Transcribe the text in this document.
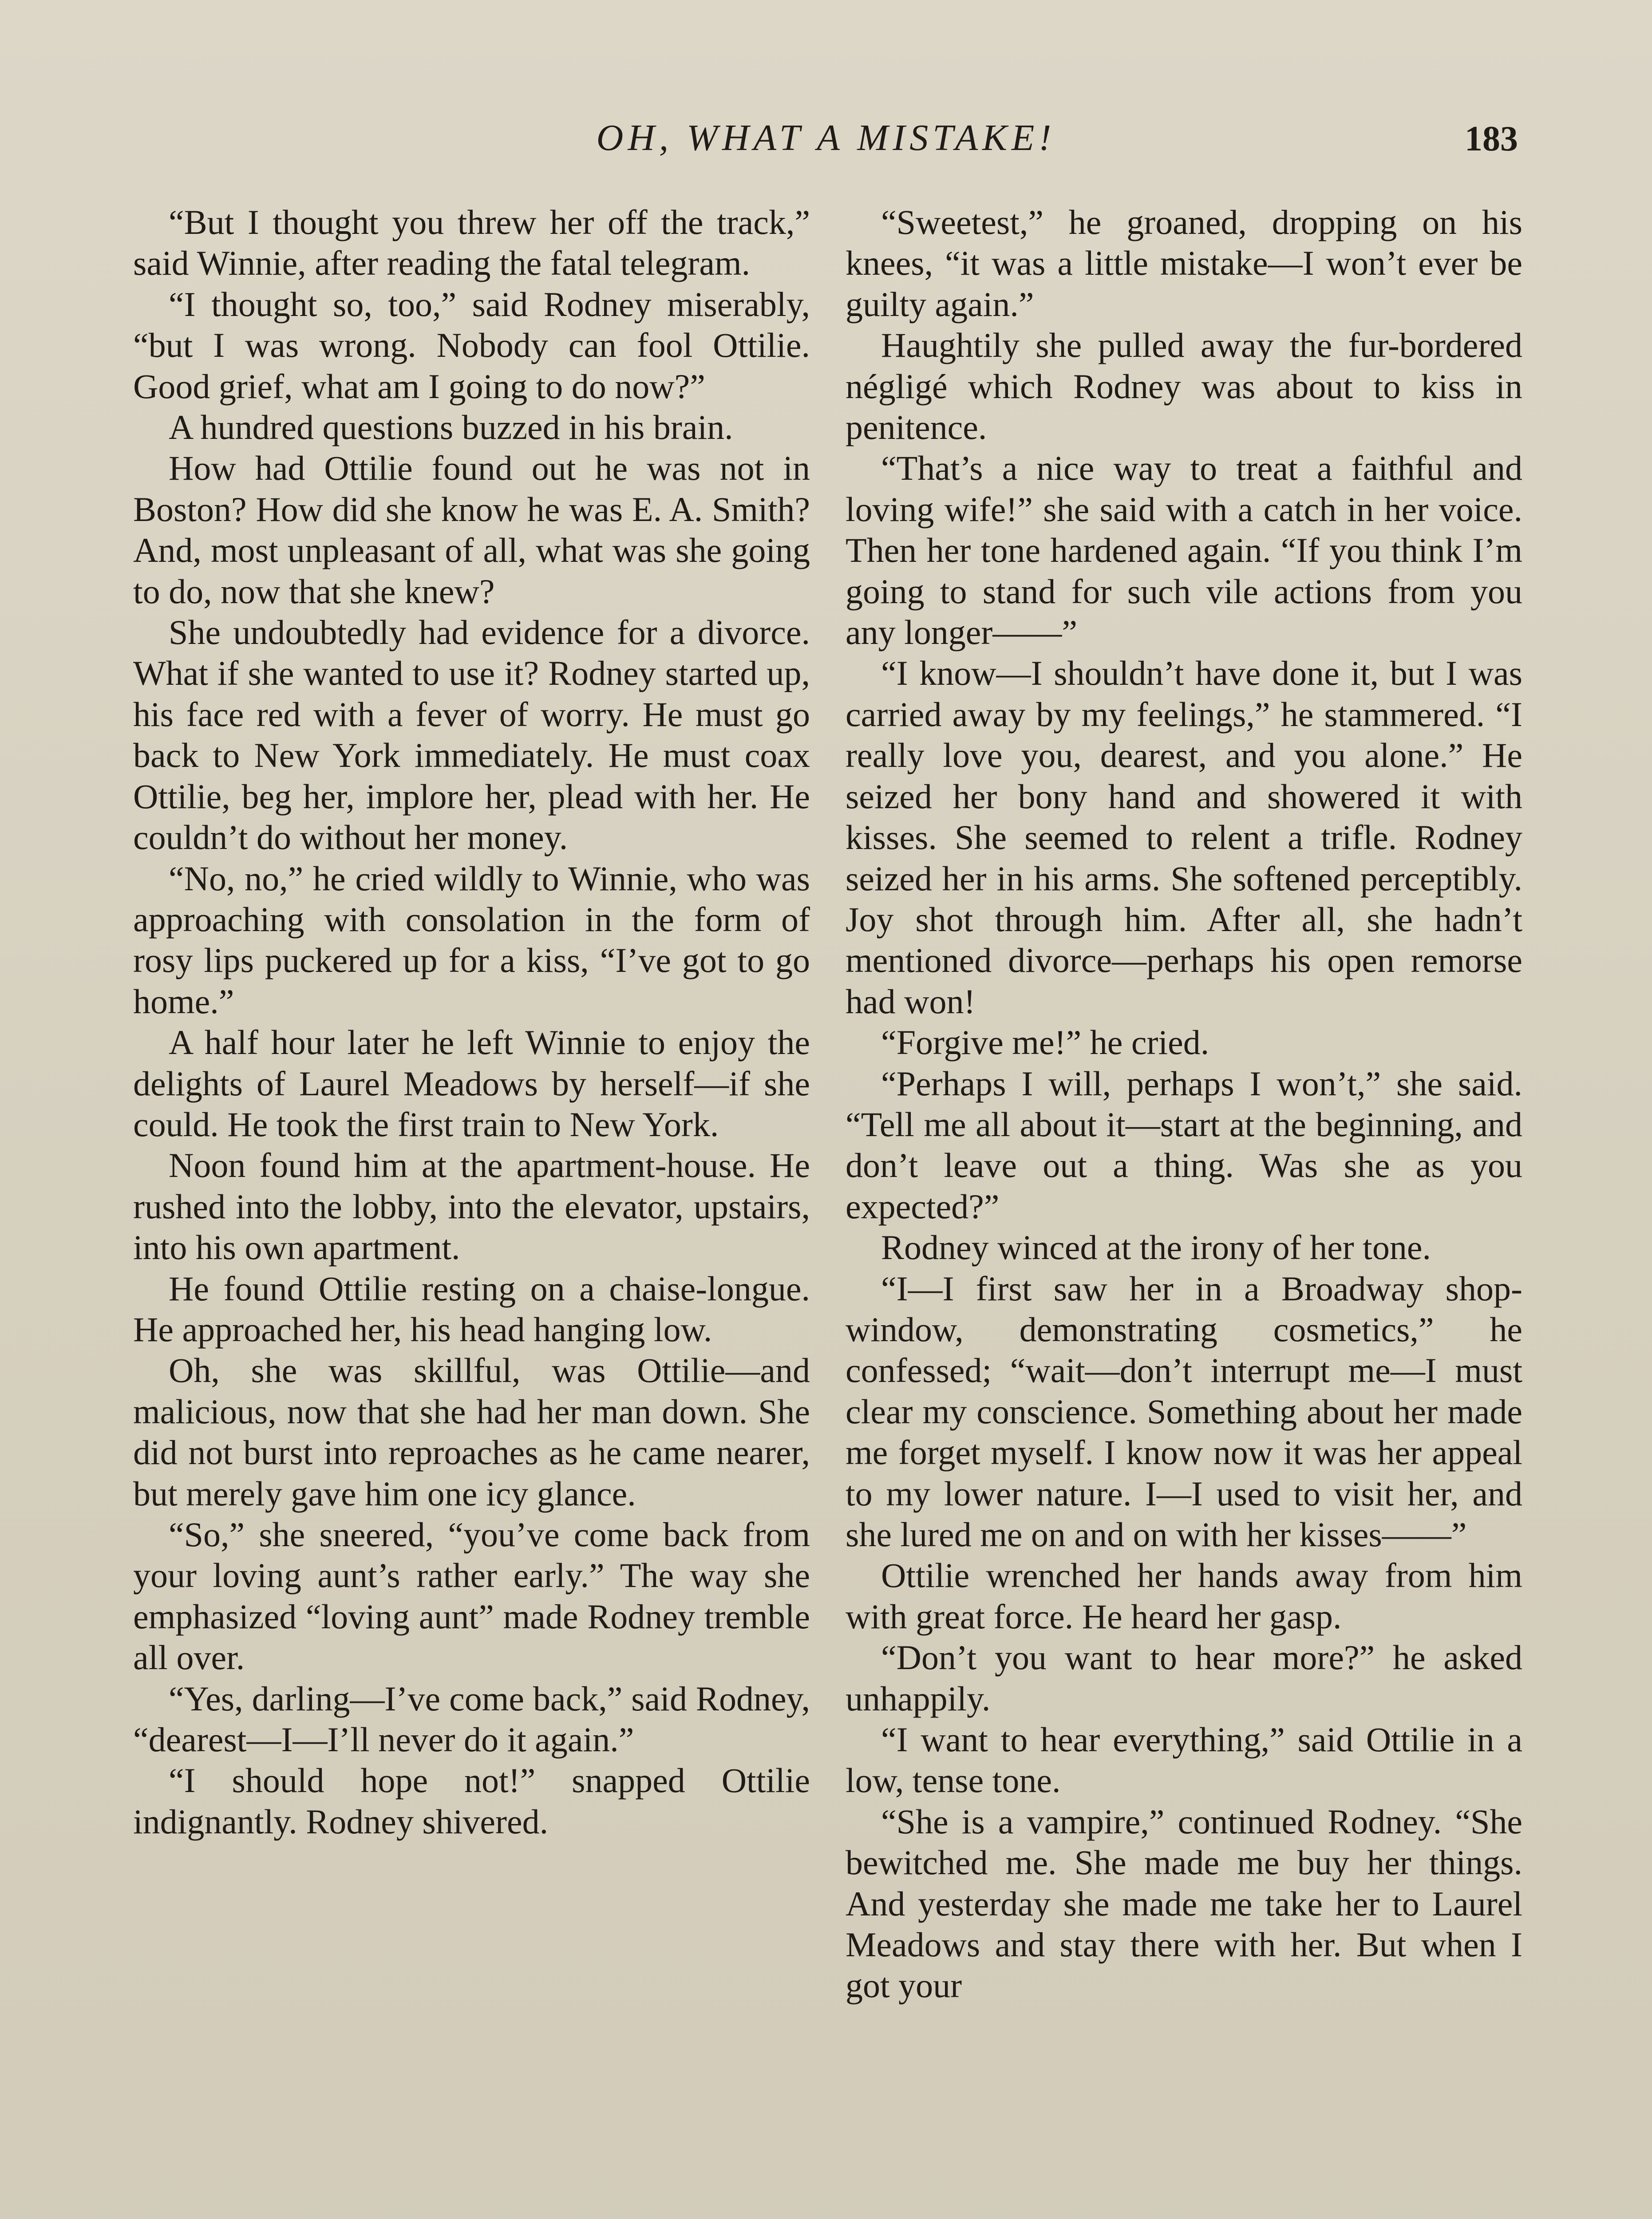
OH, WHAT A MISTAKE!	183

“But I thought you threw her off the track,” said Winnie, after reading the fatal telegram.

“I thought so, too,” said Rodney miserably, “but I was wrong. Nobody can fool Ottilie. Good grief, what am I going to do now?”

A hundred questions buzzed in his brain.

How had Ottilie found out he was not in Boston? How did she know he was E. A. Smith? And, most unpleasant of all, what was she going to do, now that she knew?

She undoubtedly had evidence for a divorce. What if she wanted to use it? Rodney started up, his face red with a fever of worry. He must go back to New York immediately. He must coax Ottilie, beg her, implore her, plead with her. He couldn’t do without her money.

“No, no,” he cried wildly to Winnie, who was approaching with consolation in the form of rosy lips puckered up for a kiss, “I’ve got to go home.”

A half hour later he left Winnie to enjoy the delights of Laurel Meadows by herself—if she could. He took the first train to New York.

Noon found him at the apartment-house. He rushed into the lobby, into the elevator, upstairs, into his own apartment.

He found Ottilie resting on a chaise-longue. He approached her, his head hanging low.

Oh, she was skillful, was Ottilie—and malicious, now that she had her man down. She did not burst into reproaches as he came nearer, but merely gave him one icy glance.

“So,” she sneered, “you’ve come back from your loving aunt’s rather early.” The way she emphasized “loving aunt” made Rodney tremble all over.

“Yes, darling—I’ve come back,” said Rodney, “dearest—I—I’ll never do it again.”

“I should hope not!” snapped Ottilie indignantly. Rodney shivered.

“Sweetest,” he groaned, dropping on his knees, “it was a little mistake—I won’t ever be guilty again.”

Haughtily she pulled away the fur-bordered négligé which Rodney was about to kiss in penitence.

“That’s a nice way to treat a faithful and loving wife!” she said with a catch in her voice. Then her tone hardened again. “If you think I’m going to stand for such vile actions from you any longer——”

“I know—I shouldn’t have done it, but I was carried away by my feelings,” he stammered. “I really love you, dearest, and you alone.” He seized her bony hand and showered it with kisses. She seemed to relent a trifle. Rodney seized her in his arms. She softened perceptibly. Joy shot through him. After all, she hadn’t mentioned divorce—perhaps his open remorse had won!

“Forgive me!” he cried.

“Perhaps I will, perhaps I won’t,” she said. “Tell me all about it—start at the beginning, and don’t leave out a thing. Was she as you expected?”

Rodney winced at the irony of her tone.

“I—I first saw her in a Broadway shop-window, demonstrating cosmetics,” he confessed; “wait—don’t interrupt me—I must clear my conscience. Something about her made me forget myself. I know now it was her appeal to my lower nature. I—I used to visit her, and she lured me on and on with her kisses——”

Ottilie wrenched her hands away from him with great force. He heard her gasp.

“Don’t you want to hear more?” he asked unhappily.

“I want to hear everything,” said Ottilie in a low, tense tone.

“She is a vampire,” continued Rodney. “She bewitched me. She made me buy her things. And yesterday she made me take her to Laurel Meadows and stay there with her. But when I got your
